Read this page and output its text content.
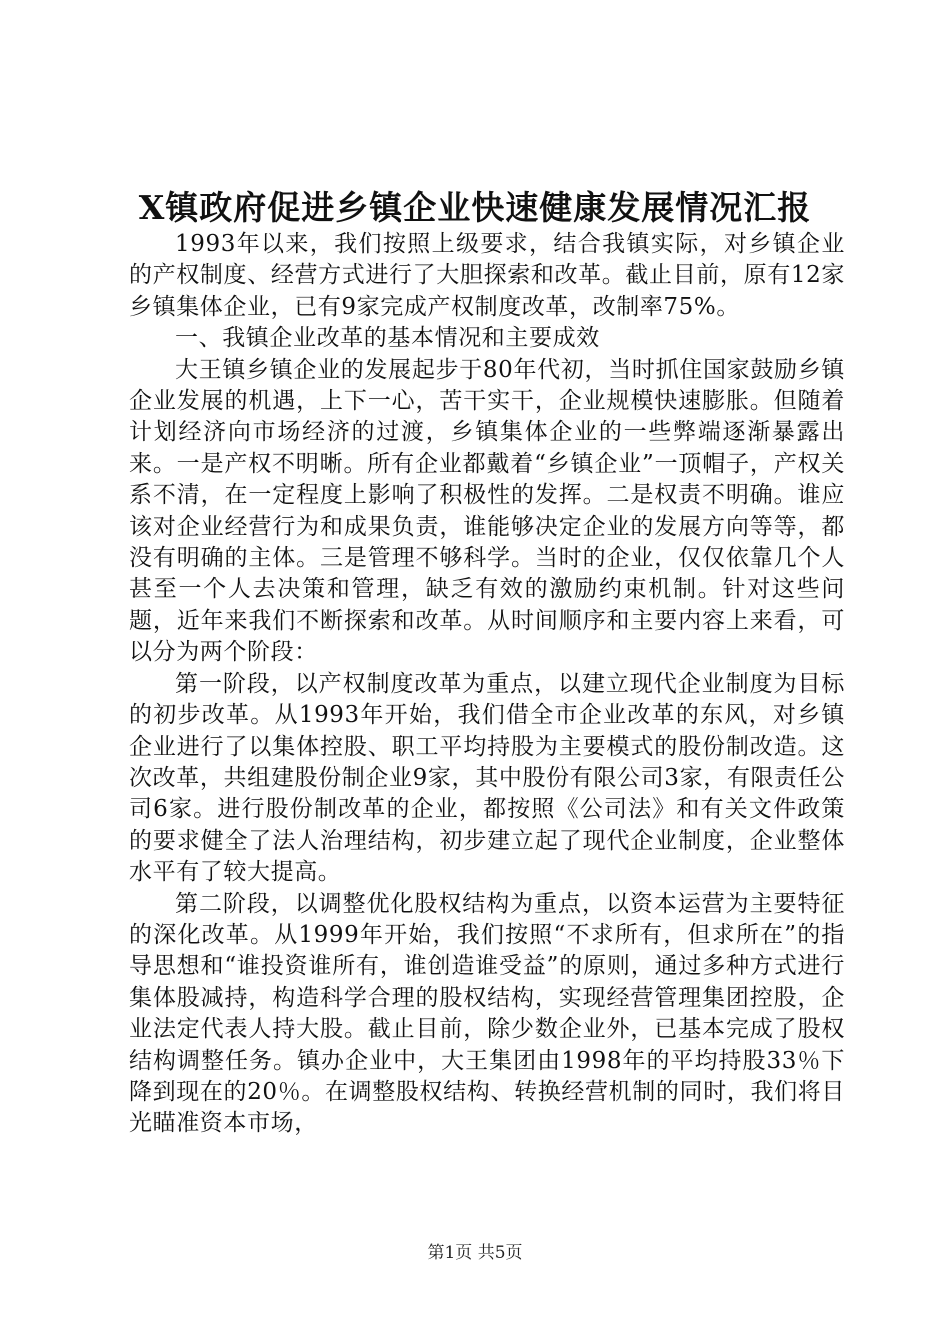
X镇政府促进乡镇企业快速健康发展情况汇报

1993年以来，我们按照上级要求，结合我镇实际，对乡镇企业的产权制度、经营方式进行了大胆探索和改革。截止目前，原有12家乡镇集体企业，已有9家完成产权制度改革，改制率75%。

一、我镇企业改革的基本情况和主要成效

大王镇乡镇企业的发展起步于80年代初，当时抓住国家鼓励乡镇企业发展的机遇，上下一心，苦干实干，企业规模快速膨胀。但随着计划经济向市场经济的过渡，乡镇集体企业的一些弊端逐渐暴露出来。一是产权不明晰。所有企业都戴着“乡镇企业”一顶帽子，产权关系不清，在一定程度上影响了积极性的发挥。二是权责不明确。谁应该对企业经营行为和成果负责，谁能够决定企业的发展方向等等，都没有明确的主体。三是管理不够科学。当时的企业，仅仅依靠几个人甚至一个人去决策和管理，缺乏有效的激励约束机制。针对这些问题，近年来我们不断探索和改革。从时间顺序和主要内容上来看，可以分为两个阶段：

第一阶段，以产权制度改革为重点，以建立现代企业制度为目标的初步改革。从1993年开始，我们借全市企业改革的东风，对乡镇企业进行了以集体控股、职工平均持股为主要模式的股份制改造。这次改革，共组建股份制企业9家，其中股份有限公司3家，有限责任公司6家。进行股份制改革的企业，都按照《公司法》和有关文件政策的要求健全了法人治理结构，初步建立起了现代企业制度，企业整体水平有了较大提高。

第二阶段，以调整优化股权结构为重点，以资本运营为主要特征的深化改革。从1999年开始，我们按照“不求所有，但求所在”的指导思想和“谁投资谁所有，谁创造谁受益”的原则，通过多种方式进行集体股减持，构造科学合理的股权结构，实现经营管理集团控股，企业法定代表人持大股。截止目前，除少数企业外，已基本完成了股权结构调整任务。镇办企业中，大王集团由1998年的平均持股33％下降到现在的20％。在调整股权结构、转换经营机制的同时，我们将目光瞄准资本市场，

第1页 共5页
